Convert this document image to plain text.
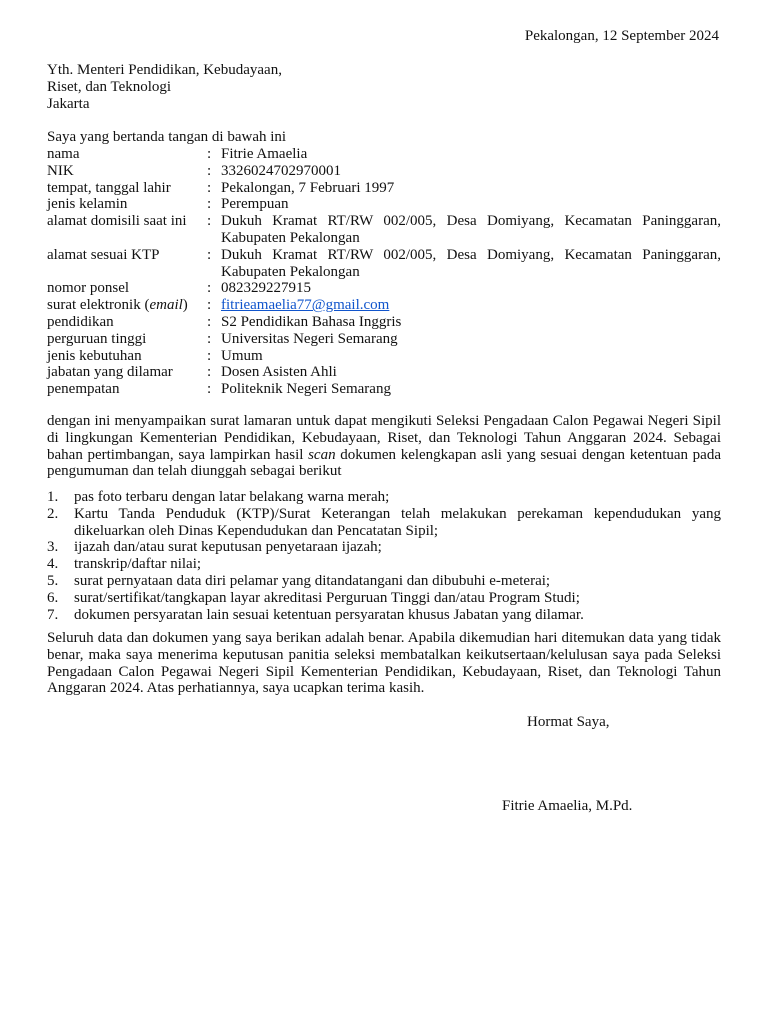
Pekalongan, 12 September 2024
Yth. Menteri Pendidikan, Kebudayaan,
Riset, dan Teknologi
Jakarta
Saya yang bertanda tangan di bawah ini
nama	: Fitrie Amaelia
NIK	: 3326024702970001
tempat, tanggal lahir	: Pekalongan, 7 Februari 1997
jenis kelamin	: Perempuan
alamat domisili saat ini	: Dukuh Kramat RT/RW 002/005, Desa Domiyang, Kecamatan Paninggaran, Kabupaten Pekalongan
alamat sesuai KTP	: Dukuh Kramat RT/RW 002/005, Desa Domiyang, Kecamatan Paninggaran, Kabupaten Pekalongan
nomor ponsel	: 082329227915
surat elektronik (email)	: fitrieamaelia77@gmail.com
pendidikan	: S2 Pendidikan Bahasa Inggris
perguruan tinggi	: Universitas Negeri Semarang
jenis kebutuhan	: Umum
jabatan yang dilamar	: Dosen Asisten Ahli
penempatan	: Politeknik Negeri Semarang

dengan ini menyampaikan surat lamaran untuk dapat mengikuti Seleksi Pengadaan Calon Pegawai Negeri Sipil di lingkungan Kementerian Pendidikan, Kebudayaan, Riset, dan Teknologi Tahun Anggaran 2024. Sebagai bahan pertimbangan, saya lampirkan hasil scan dokumen kelengkapan asli yang sesuai dengan ketentuan pada pengumuman dan telah diunggah sebagai berikut

1.	pas foto terbaru dengan latar belakang warna merah;
2.	Kartu Tanda Penduduk (KTP)/Surat Keterangan telah melakukan perekaman kependudukan yang dikeluarkan oleh Dinas Kependudukan dan Pencatatan Sipil;
3.	ijazah dan/atau surat keputusan penyetaraan ijazah;
4.	transkrip/daftar nilai;
5.	surat pernyataan data diri pelamar yang ditandatangani dan dibubuhi e-meterai;
6.	surat/sertifikat/tangkapan layar akreditasi Perguruan Tinggi dan/atau Program Studi;
7.	dokumen persyaratan lain sesuai ketentuan persyaratan khusus Jabatan yang dilamar.

Seluruh data dan dokumen yang saya berikan adalah benar. Apabila dikemudian hari ditemukan data yang tidak benar, maka saya menerima keputusan panitia seleksi membatalkan keikutsertaan/kelulusan saya pada Seleksi Pengadaan Calon Pegawai Negeri Sipil Kementerian Pendidikan, Kebudayaan, Riset, dan Teknologi Tahun Anggaran 2024. Atas perhatiannya, saya ucapkan terima kasih.

Hormat Saya,
Fitrie Amaelia, M.Pd.
